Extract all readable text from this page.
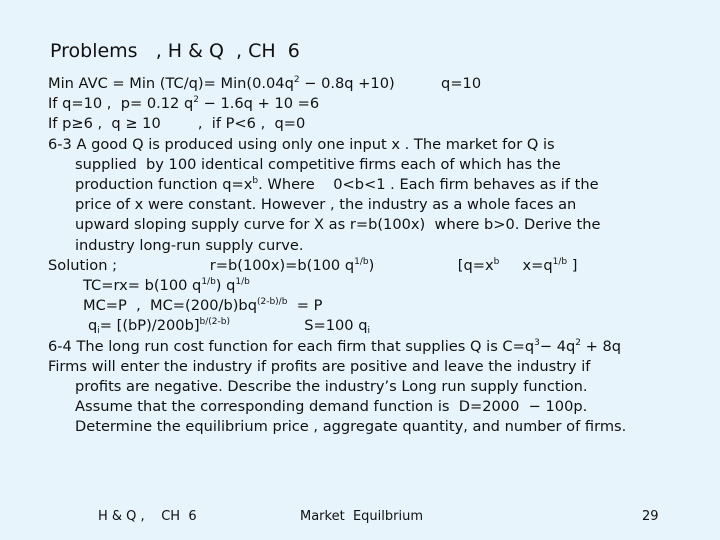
Problems   , H & Q  , CH  6

Min AVC = Min $(TC/q)= Min(0.04q^2 - 0.8q +10)$          q=10

If q=10 ,  p= 0.12 $q^2 - 1.6q + 10 =6$

If p≥6 ,  q ≥ 10        ,  if P<6 ,  q=0

6-3 A good Q is produced using only one input x . The market for Q is

supplied  by 100 identical competitive firms each of which has the

production function $q=x^b$. Where    0<b<1 . Each firm behaves as if the

price of x were constant. However , the industry as a whole faces an

upward sloping supply curve for X as r=b(100x)  where b>0. Derive the

industry long-run supply curve.

Solution ;                    r=b(100x)=b(100 $q^{1/b}$)                  [$q=x^b$     $x=q^{1/b}$ ]

TC=rx= b(100 $q^{1/b}$) $q^{1/b}$

MC=P  ,  $MC=(200/b)bq^{(2-b)/b} = P$

$q_i= [(bP)/200b]^{b/(2-b)}$                S=100 $q_i$

6-4 The long run cost function for each firm that supplies Q is $C=q^3- 4q^2 + 8q$

Firms will enter the industry if profits are positive and leave the industry if

profits are negative. Describe the industry’s Long run supply function.

Assume that the corresponding demand function is  D=2000  − 100p.

Determine the equilibrium price , aggregate quantity, and number of firms.

H & Q ,    CH  6	Market  Equilbrium	29
